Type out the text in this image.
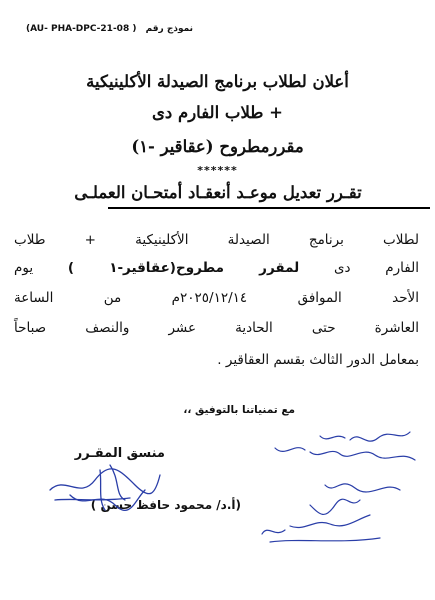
(AU- PHA-DPC-21-08 ) نموذج رقم
أعلان لطلاب برنامج الصيدلة الأكلينيكية
+ طلاب الفارم دى
مقررمطروح (عقاقير -١)
******
تقـرر تعديل موعـد أنعقـاد أمتحـان العملـى
لطلاب برنامج الصيدلة الأكلينيكية + طلاب
الفارم دى لمقرر مطروح(عقاقير-١ ) يوم
الأحد الموافق ٢٠٢٥/١٢/١٤م من الساعة
العاشرة حتى الحادية عشر والنصف صباحاً
بمعامل الدور الثالث بقسم العقاقير .
مع تمنياتنا بالتوفيق ،،
منسق المقـرر
(أ.د/ محمود حافظ حسن )
